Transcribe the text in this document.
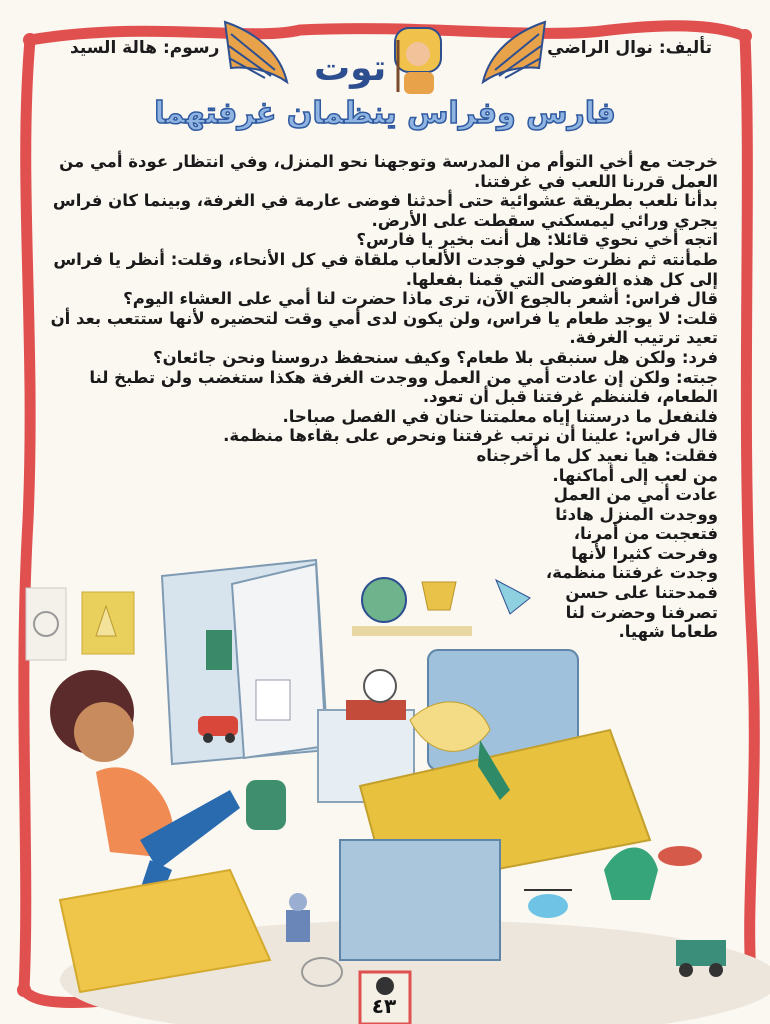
تأليف: نوال الراضي
رسوم: هالة السيد	توت
فارس وفراس ينظمان غرفتهما

خرجت مع أخي التوأم من المدرسة وتوجهنا نحو المنزل، وفي انتظار عودة أمي من العمل قررنا اللعب في غرفتنا.

بدأنا نلعب بطريقة عشوائية حتى أحدثنا فوضى عارمة في الغرفة، وبينما كان فراس يجري ورائي ليمسكني سقطت على الأرض.

اتجه أخي نحوي قائلا: هل أنت بخير يا فارس؟

طمأنته ثم نظرت حولي فوجدت الألعاب ملقاة في كل الأنحاء، وقلت: أنظر يا فراس إلى كل هذه الفوضى التي قمنا بفعلها.

قال فراس: أشعر بالجوع الآن، ترى ماذا حضرت لنا أمي على العشاء اليوم؟

قلت: لا يوجد طعام يا فراس، ولن يكون لدى أمي وقت لتحضيره لأنها ستتعب بعد أن تعيد ترتيب الغرفة.

فرد: ولكن هل سنبقى بلا طعام؟ وكيف سنحفظ دروسنا ونحن جائعان؟

جبته: ولكن إن عادت أمي من العمل ووجدت الغرفة هكذا ستغضب ولن تطبخ لنا الطعام، فلننظم غرفتنا قبل أن تعود.

فلنفعل ما درستنا إياه معلمتنا حنان في الفصل صباحا.

قال فراس: علينا أن نرتب غرفتنا ونحرص على بقاءها منظمة.

فقلت: هيا نعيد كل ما أخرجناه

من لعب إلى أماكنها.

عادت أمي من العمل

ووجدت المنزل هادئا

فتعجبت من أمرنا،

وفرحت كثيرا لأنها

وجدت غرفتنا منظمة،

فمدحتنا على حسن

تصرفنا وحضرت لنا

طعاما شهيا.

٤٣
